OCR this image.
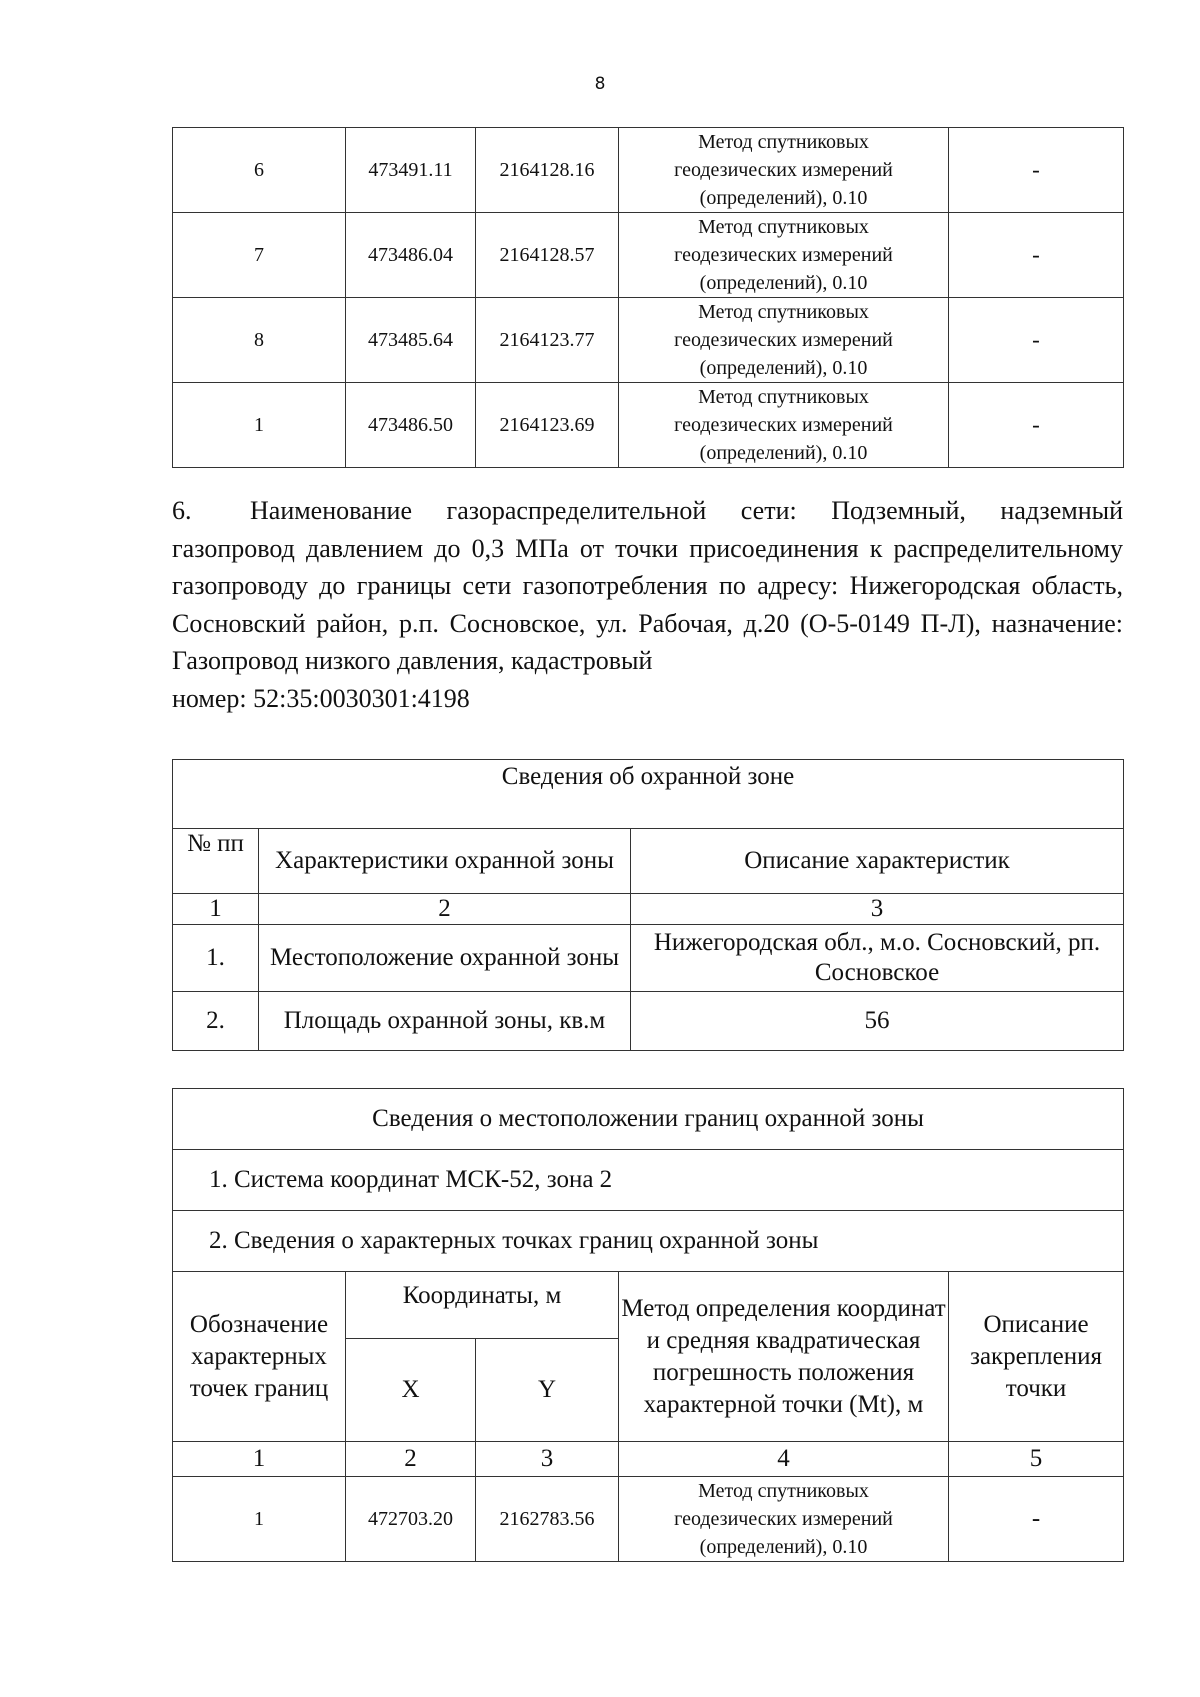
8
6	473491.11	2164128.16	Метод спутниковых
геодезических измерений
(определений), 0.10	-
7	473486.04	2164128.57	Метод спутниковых
геодезических измерений
(определений), 0.10	-
8	473485.64	2164123.77	Метод спутниковых
геодезических измерений
(определений), 0.10	-
1	473486.50	2164123.69	Метод спутниковых
геодезических измерений
(определений), 0.10	-
6. Наименование газораспределительной сети: Подземный, надземный газопровод давлением до 0,3 МПа от точки присоединения к распределительному газопроводу до границы сети газопотребления по адресу: Нижегородская область, Сосновский район, р.п. Сосновское, ул. Рабочая, д.20 (О-5-0149 П-Л), назначение: Газопровод низкого давления, кадастровый
номер: 52:35:0030301:4198
Сведения об охранной зоне		
№ пп	Характеристики охранной зоны	Описание характеристик
1	2	3
1.	Местоположение охранной зоны	Нижегородская обл., м.о. Сосновский, рп. Сосновское
2.	Площадь охранной зоны, кв.м	56
Сведения о местоположении границ охранной зоны				
1. Система координат МСК-52, зона 2				
2. Сведения о характерных точках границ охранной зоны				
Обозначение характерных точек границ	Координаты, м		Метод определения координат и средняя квадратическая погрешность положения характерной точки (Mt), м	Описание закрепления точки
	X	Y		
1	2	3	4	5
1	472703.20	2162783.56	Метод спутниковых
геодезических измерений
(определений), 0.10	-
